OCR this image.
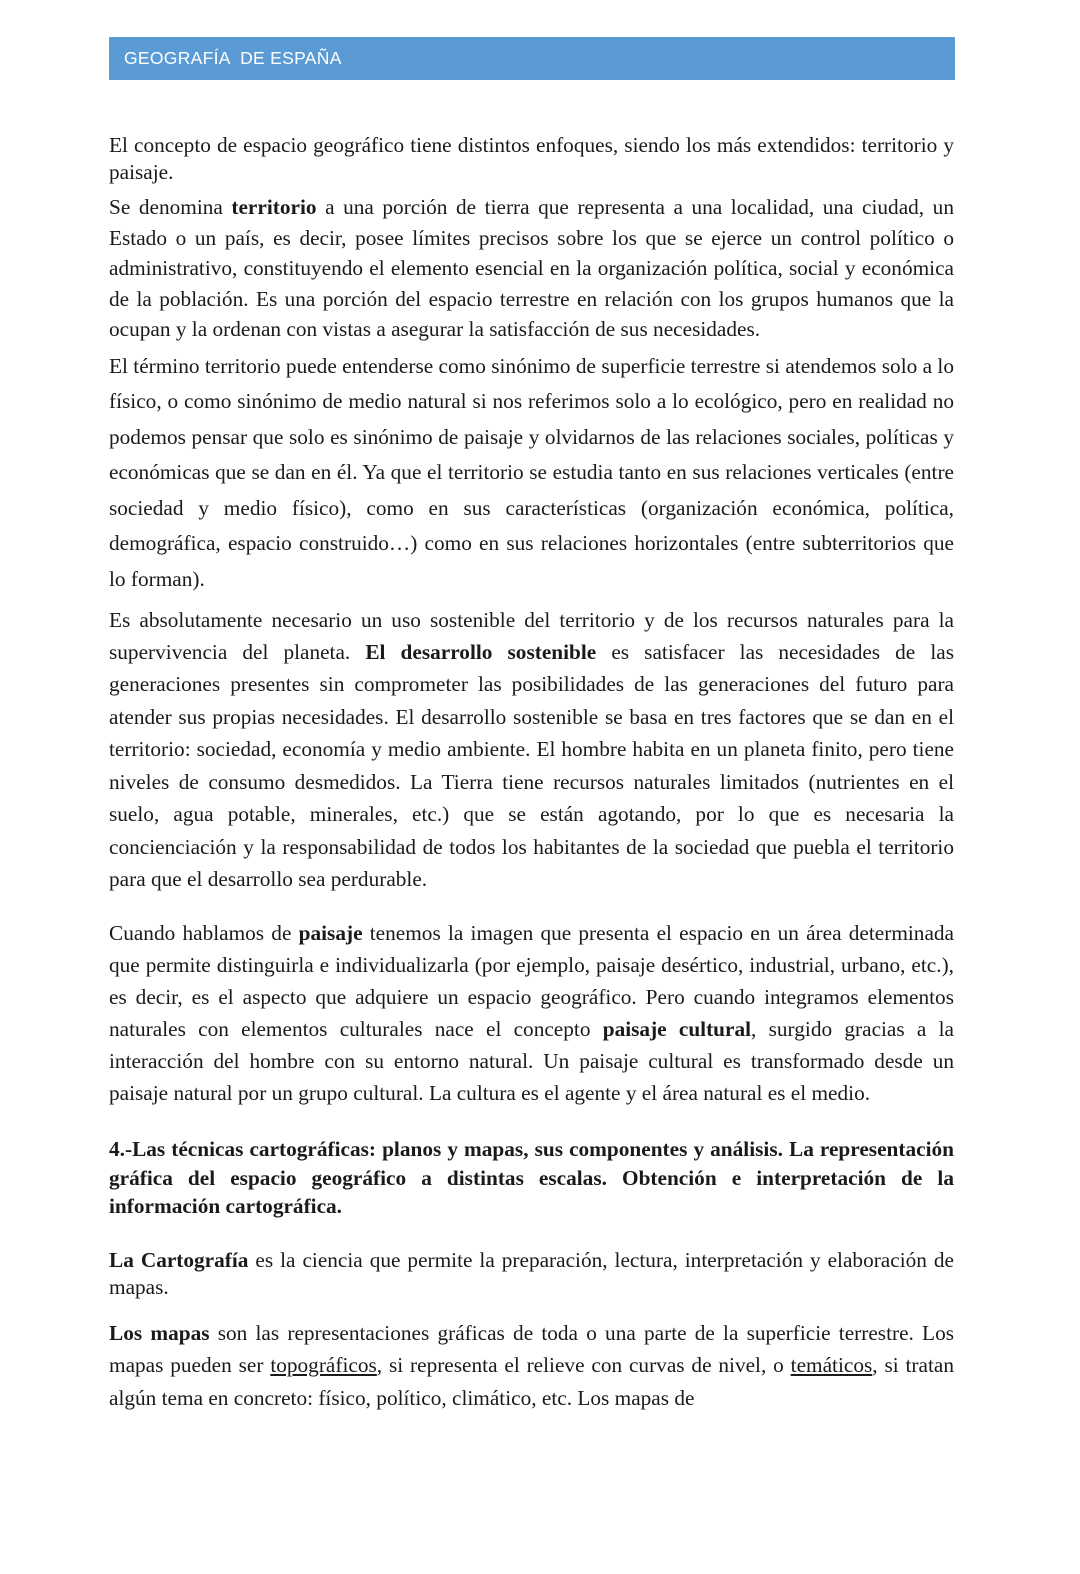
GEOGRAFÍA  DE ESPAÑA

El concepto de espacio geográfico tiene distintos enfoques, siendo los más extendidos: territorio y paisaje.

Se denomina territorio a una porción de tierra que representa a una localidad, una ciudad, un Estado o un país, es decir, posee límites precisos sobre los que se ejerce un control político o administrativo, constituyendo el elemento esencial en la organización política, social y económica de la población. Es una porción del espacio terrestre en relación con los grupos humanos que la ocupan y la ordenan con vistas a asegurar la satisfacción de sus necesidades.

El término territorio puede entenderse como sinónimo de superficie terrestre si atendemos solo a lo físico, o como sinónimo de medio natural si nos referimos solo a lo ecológico, pero en realidad no podemos pensar que solo es sinónimo de paisaje y olvidarnos de las relaciones sociales, políticas y económicas que se dan en él. Ya que el territorio se estudia tanto en sus relaciones verticales (entre sociedad y medio físico), como en sus características (organización económica, política, demográfica, espacio construido…) como en sus relaciones horizontales (entre subterritorios que lo forman).

Es absolutamente necesario un uso sostenible del territorio y de los recursos naturales para la supervivencia del planeta. El desarrollo sostenible es satisfacer las necesidades de las generaciones presentes sin comprometer las posibilidades de las generaciones del futuro para atender sus propias necesidades. El desarrollo sostenible se basa en tres factores que se dan en el territorio: sociedad, economía y medio ambiente. El hombre habita en un planeta finito, pero tiene niveles de consumo desmedidos. La Tierra tiene recursos naturales limitados (nutrientes en el suelo, agua potable, minerales, etc.) que se están agotando, por lo que es necesaria la concienciación y la responsabilidad de todos los habitantes de la sociedad que puebla el territorio para que el desarrollo sea perdurable.

Cuando hablamos de paisaje tenemos la imagen que presenta el espacio en un área determinada que permite distinguirla e individualizarla (por ejemplo, paisaje desértico, industrial, urbano, etc.), es decir, es el aspecto que adquiere un espacio geográfico. Pero cuando integramos elementos naturales con elementos culturales nace el concepto paisaje cultural, surgido gracias a la interacción del hombre con su entorno natural. Un paisaje cultural es transformado desde un paisaje natural por un grupo cultural. La cultura es el agente y el área natural es el medio.

4.-Las técnicas cartográficas: planos y mapas, sus componentes y análisis. La representación gráfica del espacio geográfico a distintas escalas. Obtención e interpretación de la información cartográfica.

La Cartografía es la ciencia que permite la preparación, lectura, interpretación y elaboración de mapas.

Los mapas son las representaciones gráficas de toda o una parte de la superficie terrestre. Los mapas pueden ser topográficos, si representa el relieve con curvas de nivel, o temáticos, si tratan algún tema en concreto: físico, político, climático, etc. Los mapas de
